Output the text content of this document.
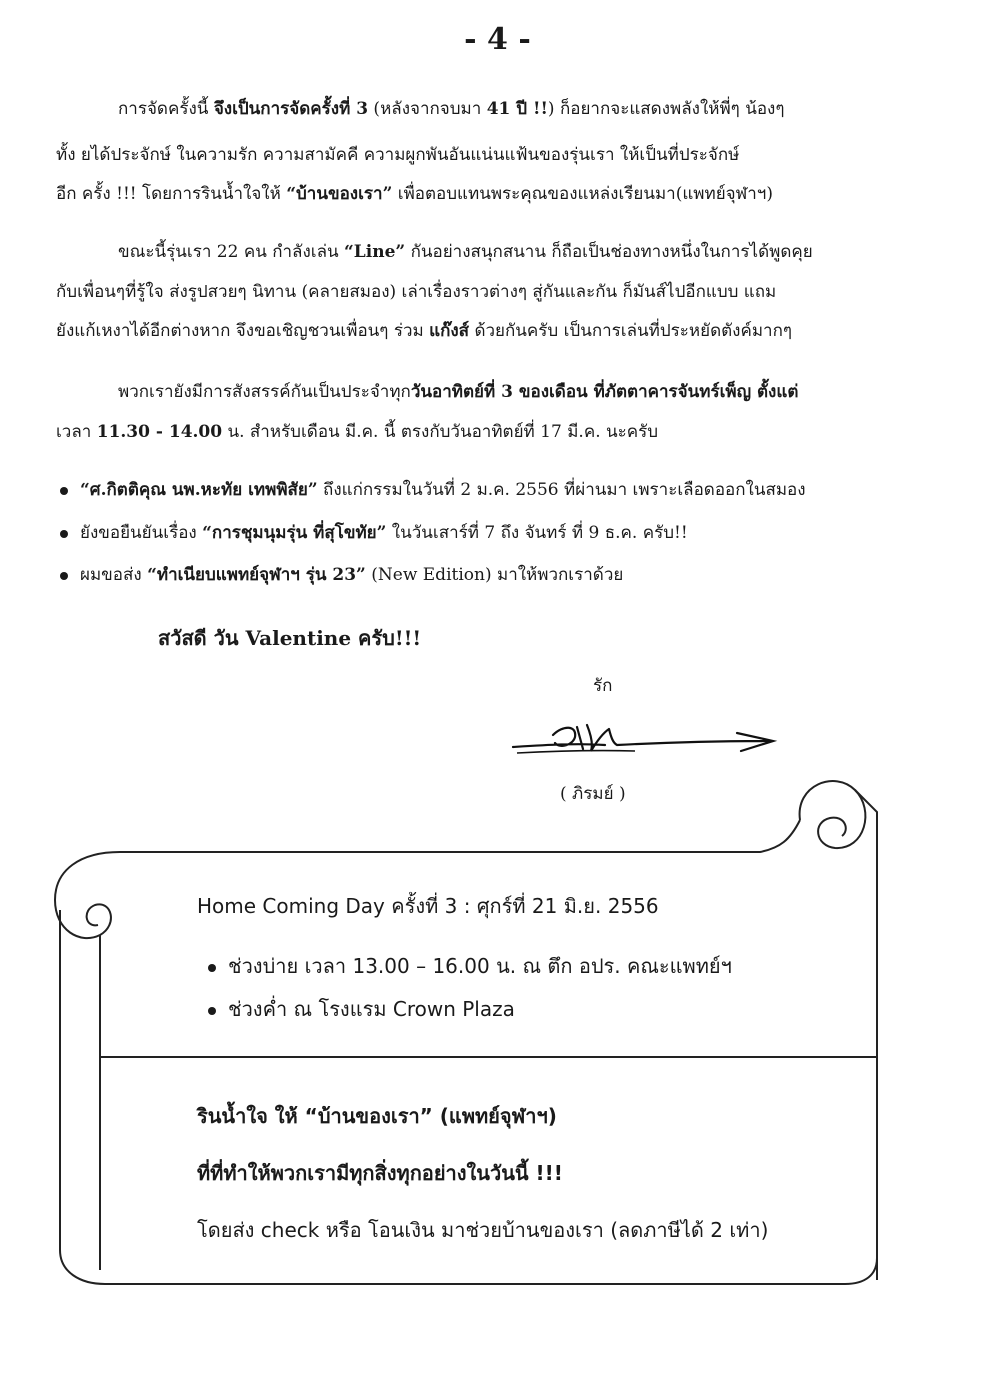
- 4 -
การจัดครั้งนี้ จึงเป็นการจัดครั้งที่ 3 (หลังจากจบมา 41 ปี !!) ก็อยากจะแสดงพลังให้พี่ๆ น้องๆ
ทั้ง ยได้ประจักษ์ ในความรัก ความสามัคคี ความผูกพันอันแน่นแฟ้นของรุ่นเรา ให้เป็นที่ประจักษ์
อีก ครั้ง !!! โดยการรินน้ำใจให้ “บ้านของเรา” เพื่อตอบแทนพระคุณของแหล่งเรียนมา(แพทย์จุฬาฯ)
ขณะนี้รุ่นเรา 22 คน กำลังเล่น “Line” กันอย่างสนุกสนาน ก็ถือเป็นช่องทางหนึ่งในการได้พูดคุย
กับเพื่อนๆที่รู้ใจ ส่งรูปสวยๆ นิทาน (คลายสมอง) เล่าเรื่องราวต่างๆ สู่กันและกัน ก็มันส์ไปอีกแบบ แถม
ยังแก้เหงาได้อีกต่างหาก จึงขอเชิญชวนเพื่อนๆ ร่วม แก๊งส์ ด้วยกันครับ เป็นการเล่นที่ประหยัดตังค์มากๆ
พวกเรายังมีการสังสรรค์กันเป็นประจำทุกวันอาทิตย์ที่ 3 ของเดือน ที่ภัตตาคารจันทร์เพ็ญ ตั้งแต่
เวลา 11.30 - 14.00 น. สำหรับเดือน มี.ค. นี้ ตรงกับวันอาทิตย์ที่ 17 มี.ค. นะครับ
“ศ.กิตติคุณ นพ.หะทัย เทพพิสัย” ถึงแก่กรรมในวันที่ 2 ม.ค. 2556 ที่ผ่านมา เพราะเลือดออกในสมอง
ยังขอยืนยันเรื่อง “การชุมนุมรุ่น ที่สุโขทัย” ในวันเสาร์ที่ 7 ถึง จันทร์ ที่ 9 ธ.ค. ครับ!!
ผมขอส่ง “ทำเนียบแพทย์จุฬาฯ รุ่น 23” (New Edition) มาให้พวกเราด้วย
สวัสดี วัน Valentine ครับ!!!
รัก
( ภิรมย์ )
Home Coming Day ครั้งที่ 3 : ศุกร์ที่ 21 มิ.ย. 2556
ช่วงบ่าย เวลา 13.00 – 16.00 น. ณ ตึก อปร. คณะแพทย์ฯ
ช่วงค่ำ ณ โรงแรม Crown Plaza
รินน้ำใจ ให้ “บ้านของเรา” (แพทย์จุฬาฯ)
ที่ที่ทำให้พวกเรามีทุกสิ่งทุกอย่างในวันนี้ !!!
โดยส่ง check หรือ โอนเงิน มาช่วยบ้านของเรา (ลดภาษีได้ 2 เท่า)
